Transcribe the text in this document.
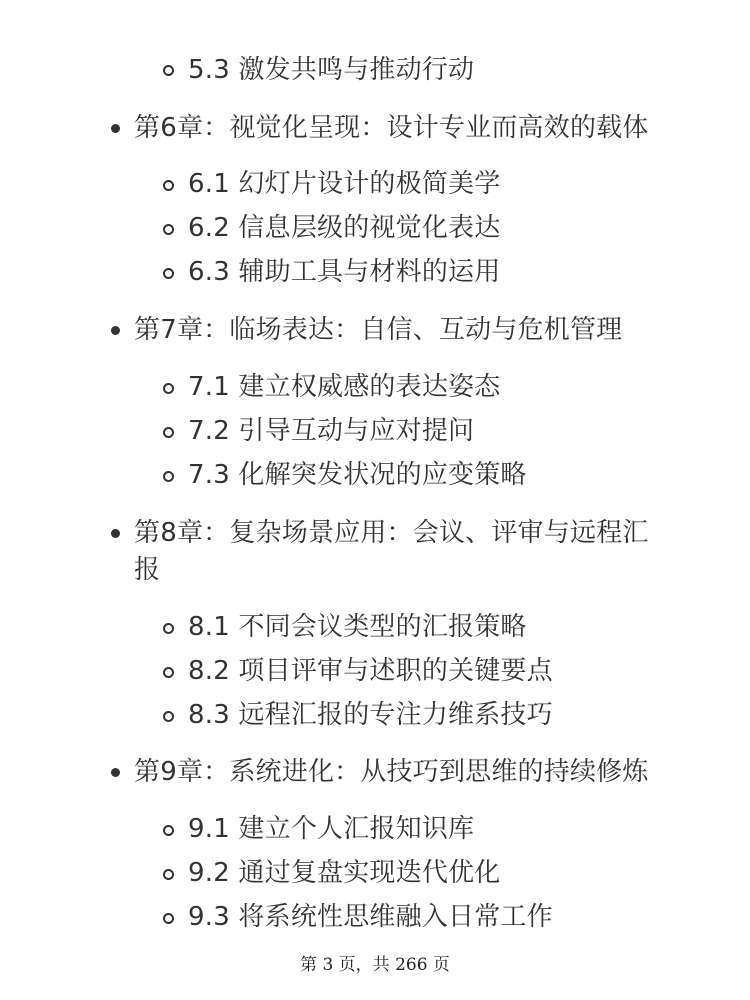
5.3 激发共鸣与推动行动
第6章：视觉化呈现：设计专业而高效的载体
6.1 幻灯片设计的极简美学
6.2 信息层级的视觉化表达
6.3 辅助工具与材料的运用
第7章：临场表达：自信、互动与危机管理
7.1 建立权威感的表达姿态
7.2 引导互动与应对提问
7.3 化解突发状况的应变策略
第8章：复杂场景应用：会议、评审与远程汇
报
8.1 不同会议类型的汇报策略
8.2 项目评审与述职的关键要点
8.3 远程汇报的专注力维系技巧
第9章：系统进化：从技巧到思维的持续修炼
9.1 建立个人汇报知识库
9.2 通过复盘实现迭代优化
9.3 将系统性思维融入日常工作
第 3 页，共 266 页
